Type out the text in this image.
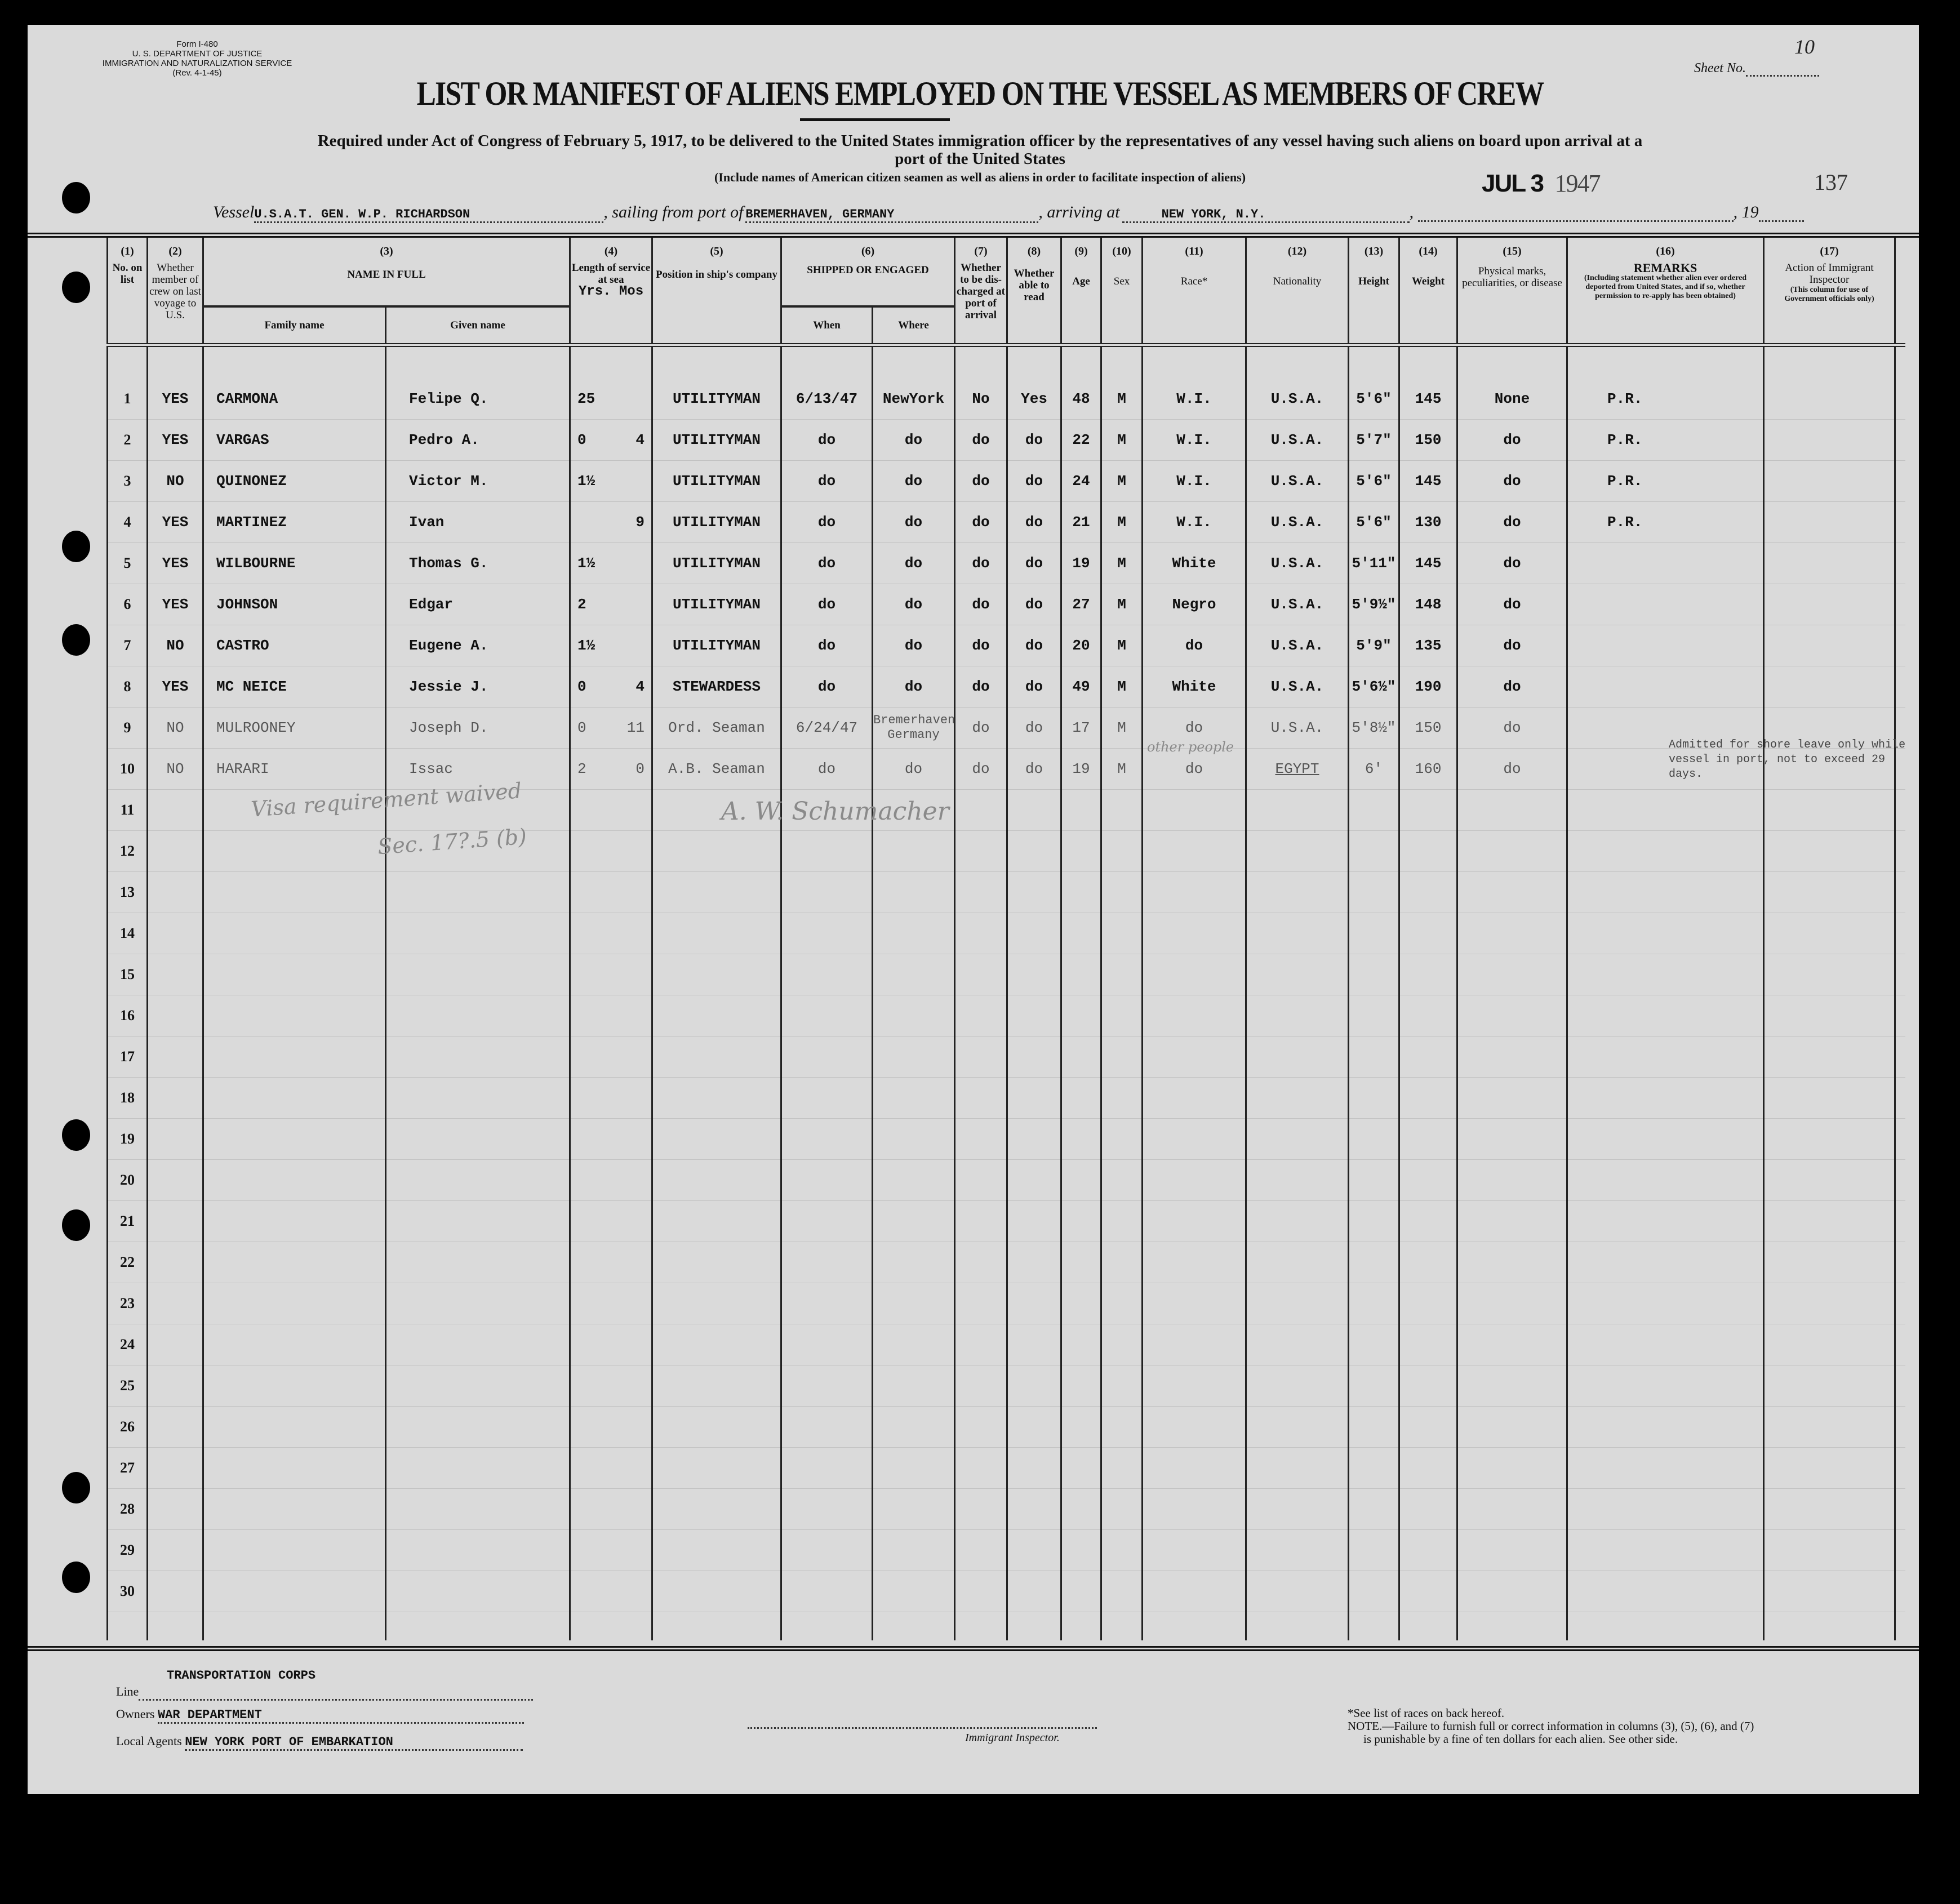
Form I-480
U. S. DEPARTMENT OF JUSTICE
IMMIGRATION AND NATURALIZATION SERVICE
(Rev. 4-1-45)
LIST OR MANIFEST OF ALIENS EMPLOYED ON THE VESSEL AS MEMBERS OF CREW
Required under Act of Congress of February 5, 1917, to be delivered to the United States immigration officer by the representatives of any vessel having such aliens on board upon arrival at a
port of the United States
(Include names of American citizen seamen as well as aliens in order to facilitate inspection of aliens)
Sheet No.
10
VesselU.S.A.T. GEN. W.P. RICHARDSON	, sailing from port of BREMERHAVEN, GERMANY	, arriving at	NEW YORK, N.Y.	,	, 19
JUL 3 1947	137
(1)
No. on list	(2)
Whether member of crew on last voyage to U.S.	(3)
NAME IN FULL		(4)
Length of service at sea
Yrs. Mos	(5)
Position in ship's company	(6)
SHIPPED OR ENGAGED		(7)
Whether to be dis-charged at port of arrival	(8)
Whether able to read	(9)
Age	(10)
Sex	(11)
Race*	(12)
Nationality	(13)
Height	(14)
Weight	(15)
Physical marks, peculiarities, or disease	(16)
REMARKS
(Including statement whether alien ever ordered deported from United States, and if so, whether permission to re-apply has been obtained)	(17)
Action of Immigrant Inspector
(This column for use of Government officials only)	

		Family name	Given name			When	Where												

1	YES	CARMONA	Felipe Q.	25	UTILITYMAN	6/13/47	NewYork	No	Yes	48	M	W.I.	U.S.A.	5'6"	145	None	P.R.		
2	YES	VARGAS	Pedro A.	0 4	UTILITYMAN	do	do	do	do	22	M	W.I.	U.S.A.	5'7"	150	do	P.R.		
3	NO	QUINONEZ	Victor M.	1½	UTILITYMAN	do	do	do	do	24	M	W.I.	U.S.A.	5'6"	145	do	P.R.		
4	YES	MARTINEZ	Ivan	9	UTILITYMAN	do	do	do	do	21	M	W.I.	U.S.A.	5'6"	130	do	P.R.		
5	YES	WILBOURNE	Thomas G.	1½	UTILITYMAN	do	do	do	do	19	M	White	U.S.A.	5'11"	145	do			
6	YES	JOHNSON	Edgar	2	UTILITYMAN	do	do	do	do	27	M	Negro	U.S.A.	5'9½"	148	do			
7	NO	CASTRO	Eugene A.	1½	UTILITYMAN	do	do	do	do	20	M	do	U.S.A.	5'9"	135	do			
8	YES	MC NEICE	Jessie J.	0 4	STEWARDESS	do	do	do	do	49	M	White	U.S.A.	5'6½"	190	do			
9	NO	MULROONEY	Joseph D.	0 11	Ord. Seaman	6/24/47	Bremerhaven Germany	do	do	17	M	do	U.S.A.	5'8½"	150	do			
10	NO	HARARI	Issac	2 0	A.B. Seaman	do	do	do	do	19	M	do	EGYPT	6'	160	do			
11				

12				

13				

14				

15				

16				

17				

18				

19				

20				

21				

22				

23				

24				

25				

26				

27				

28				

29				

30				

Admitted for shore leave only while vessel in port, not to exceed 29 days.
other people
Visa requirement waived
Sec. 17?.5 (b)
A. W. Schumacher
TRANSPORTATION CORPS
Line
Owners WAR DEPARTMENT
Local Agents NEW YORK PORT OF EMBARKATION	Immigrant Inspector.
*See list of races on back hereof.
NOTE.—Failure to furnish full or correct information in columns (3), (5), (6), and (7)
is punishable by a fine of ten dollars for each alien. See other side.
